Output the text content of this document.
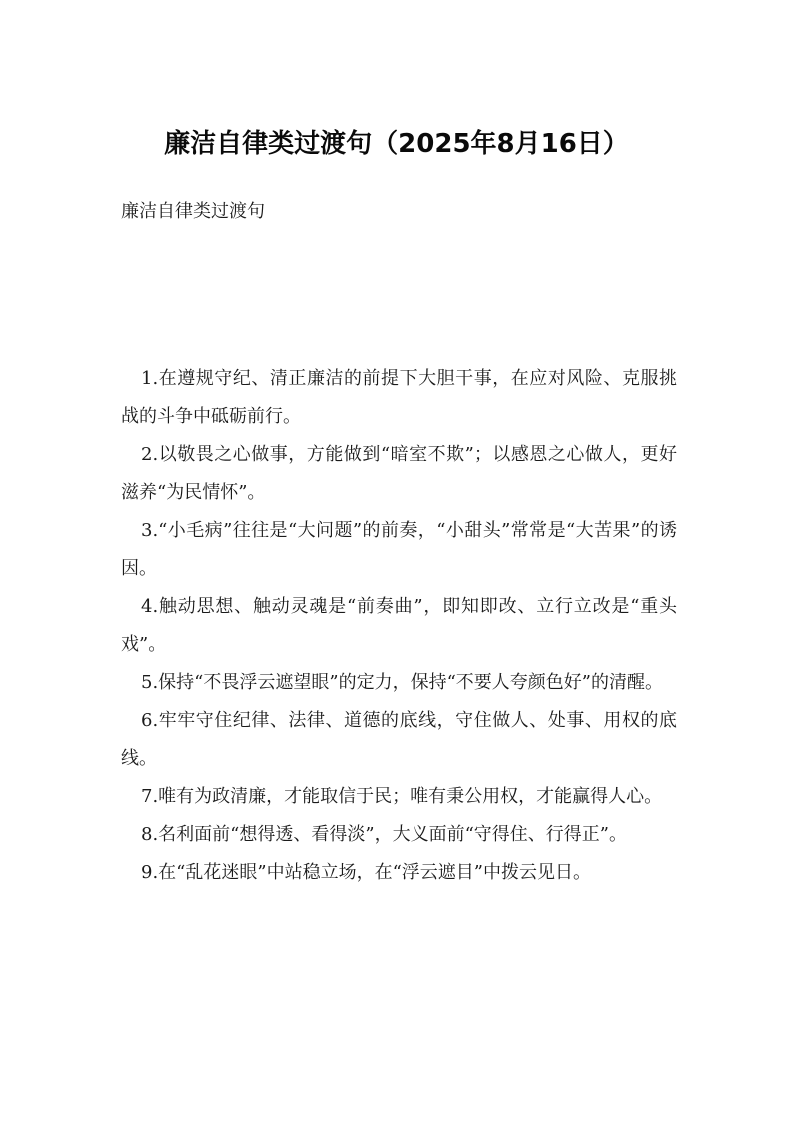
廉洁自律类过渡句（2025年8月16日）

廉洁自律类过渡句

1.在遵规守纪、清正廉洁的前提下大胆干事，在应对风险、克服挑战的斗争中砥砺前行。

2.以敬畏之心做事，方能做到“暗室不欺”；以感恩之心做人，更好滋养“为民情怀”。

3.“小毛病”往往是“大问题”的前奏，“小甜头”常常是“大苦果”的诱因。

4.触动思想、触动灵魂是“前奏曲”，即知即改、立行立改是“重头戏”。

5.保持“不畏浮云遮望眼”的定力，保持“不要人夸颜色好”的清醒。

6.牢牢守住纪律、法律、道德的底线，守住做人、处事、用权的底线。

7.唯有为政清廉，才能取信于民；唯有秉公用权，才能赢得人心。

8.名利面前“想得透、看得淡”，大义面前“守得住、行得正”。

9.在“乱花迷眼”中站稳立场，在“浮云遮目”中拨云见日。
